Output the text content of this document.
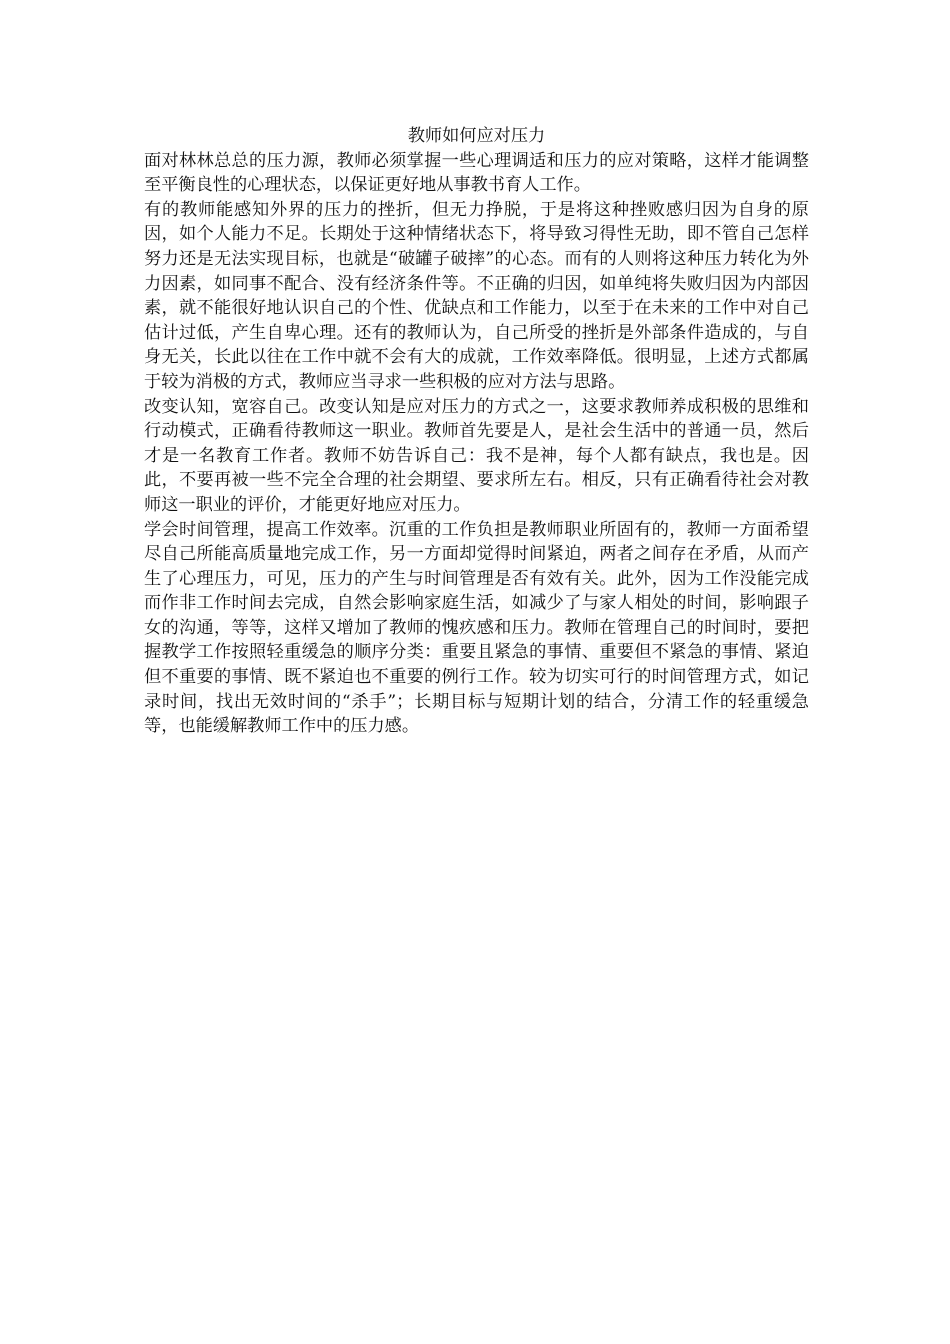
教师如何应对压力

面对林林总总的压力源，教师必须掌握一些心理调适和压力的应对策略，这样才能调整至平衡良性的心理状态，以保证更好地从事教书育人工作。

有的教师能感知外界的压力的挫折，但无力挣脱，于是将这种挫败感归因为自身的原因，如个人能力不足。长期处于这种情绪状态下，将导致习得性无助，即不管自己怎样努力还是无法实现目标，也就是“破罐子破摔”的心态。而有的人则将这种压力转化为外力因素，如同事不配合、没有经济条件等。不正确的归因，如单纯将失败归因为内部因素，就不能很好地认识自己的个性、优缺点和工作能力，以至于在未来的工作中对自己估计过低，产生自卑心理。还有的教师认为，自己所受的挫折是外部条件造成的，与自身无关，长此以往在工作中就不会有大的成就，工作效率降低。很明显，上述方式都属于较为消极的方式，教师应当寻求一些积极的应对方法与思路。

改变认知，宽容自己。改变认知是应对压力的方式之一，这要求教师养成积极的思维和行动模式，正确看待教师这一职业。教师首先要是人，是社会生活中的普通一员，然后才是一名教育工作者。教师不妨告诉自己：我不是神，每个人都有缺点，我也是。因此，不要再被一些不完全合理的社会期望、要求所左右。相反，只有正确看待社会对教师这一职业的评价，才能更好地应对压力。

学会时间管理，提高工作效率。沉重的工作负担是教师职业所固有的，教师一方面希望尽自己所能高质量地完成工作，另一方面却觉得时间紧迫，两者之间存在矛盾，从而产生了心理压力，可见，压力的产生与时间管理是否有效有关。此外，因为工作没能完成而作非工作时间去完成，自然会影响家庭生活，如减少了与家人相处的时间，影响跟子女的沟通，等等，这样又增加了教师的愧疚感和压力。教师在管理自己的时间时，要把握教学工作按照轻重缓急的顺序分类：重要且紧急的事情、重要但不紧急的事情、紧迫但不重要的事情、既不紧迫也不重要的例行工作。较为切实可行的时间管理方式，如记录时间，找出无效时间的“杀手”；长期目标与短期计划的结合，分清工作的轻重缓急等，也能缓解教师工作中的压力感。
